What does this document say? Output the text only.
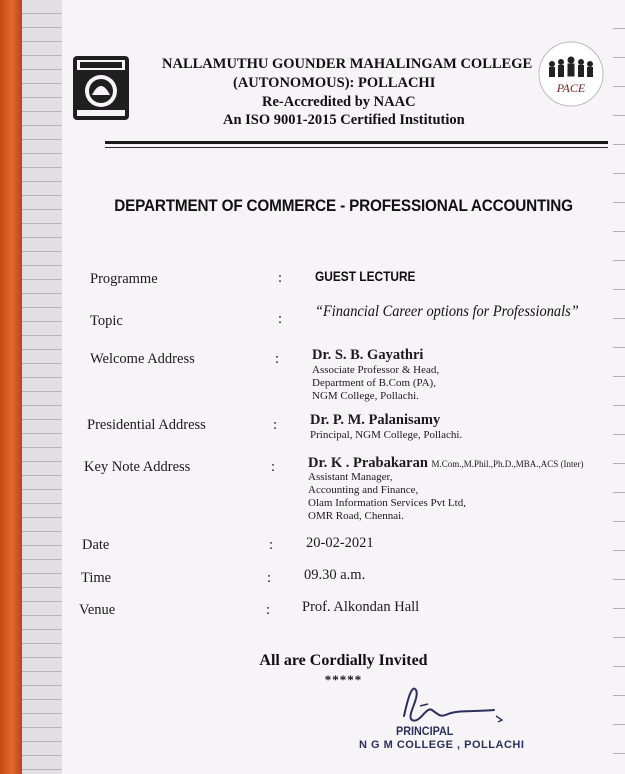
NALLAMUTHU GOUNDER MAHALINGAM COLLEGE
(AUTONOMOUS): POLLACHI
Re-Accredited by NAAC
An ISO 9001-2015 Certified Institution
PACE
DEPARTMENT OF COMMERCE - PROFESSIONAL ACCOUNTING
Programme	: GUEST LECTURE
Topic	: “Financial Career options for Professionals”
Welcome Address	: Dr. S. B. Gayathri
Associate Professor & Head,
Department of B.Com (PA),
NGM College, Pollachi.
Presidential Address	: Dr. P. M. Palanisamy
Principal, NGM College, Pollachi.
Key Note Address	: Dr. K . Prabakaran M.Com.,M.Phil.,Ph.D.,MBA.,ACS (Inter)
Assistant Manager,
Accounting and Finance,
Olam Information Services Pvt Ltd,
OMR Road, Chennai.
Date	: 20-02-2021
Time	: 09.30 a.m.
Venue	: Prof. Alkondan Hall
All are Cordially Invited
*****
PRINCIPAL
N G M COLLEGE , POLLACHI
